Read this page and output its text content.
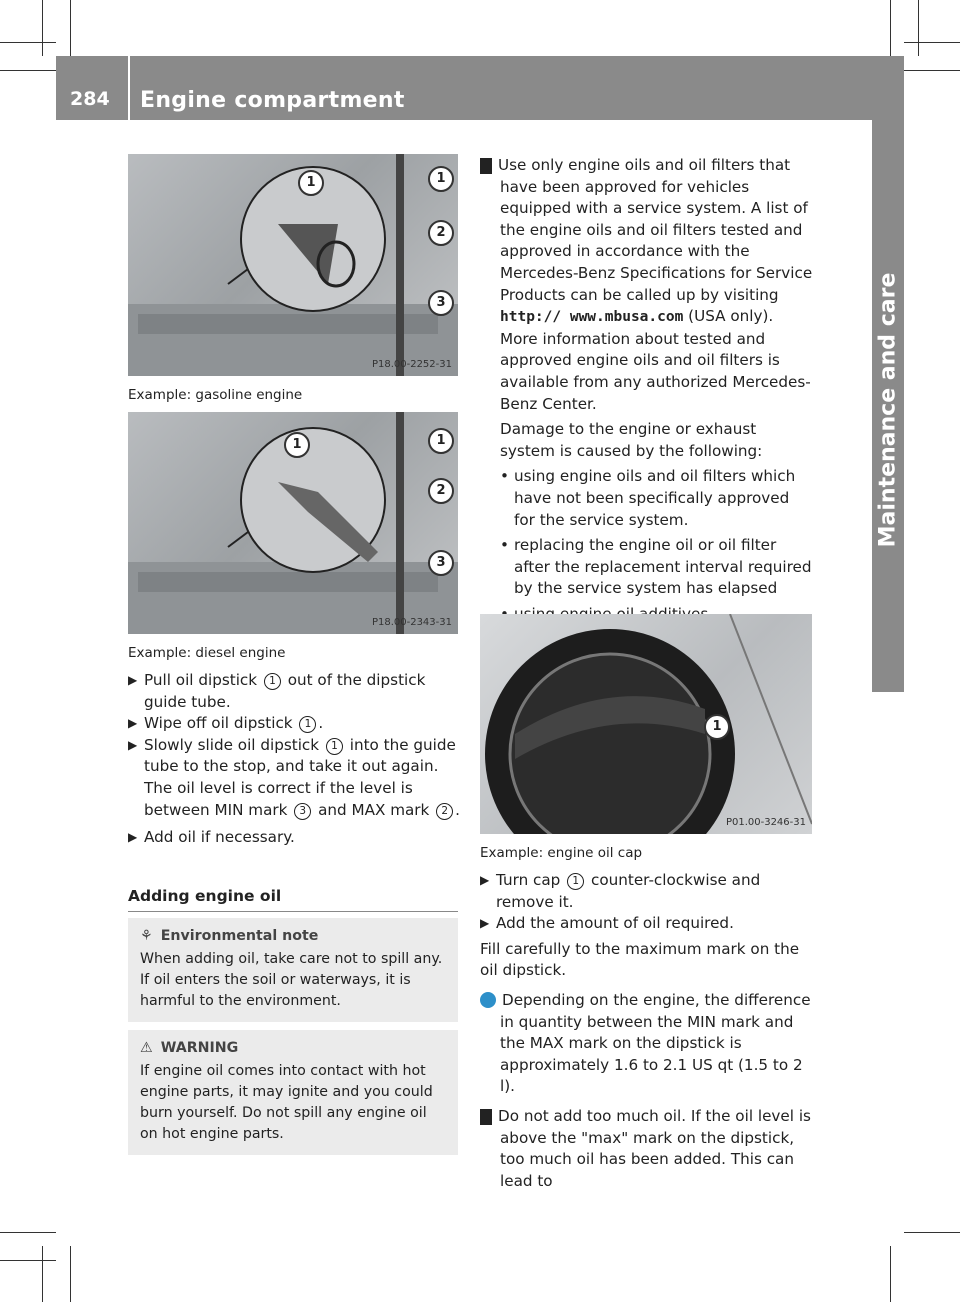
284 Engine compartment
Maintenance and care
1	1
2
3
P18.00-2252-31
Example: gasoline engine
1	1
2
3
P18.00-2343-31
Example: diesel engine

▶ Pull oil dipstick 1 out of the dipstick guide tube.

▶ Wipe off oil dipstick 1 .

▶ Slowly slide oil dipstick 1 into the guide tube to the stop, and take it out again.

The oil level is correct if the level is between MIN mark 3 and MAX mark 2 .

▶ Add oil if necessary.

Adding engine oil
⚘ Environmental note
When adding oil, take care not to spill any. If oil enters the soil or waterways, it is harmful to the environment.
⚠ WARNING
If engine oil comes into contact with hot engine parts, it may ignite and you could burn yourself. Do not spill any engine oil on hot engine parts.

! Use only engine oils and oil filters that have been approved for vehicles equipped with a service system. A list of the engine oils and oil filters tested and approved in accordance with the Mercedes-Benz Specifications for Service Products can be called up by visiting http:// www.mbusa.com (USA only). More information about tested and approved engine oils and oil filters is available from any authorized Mercedes-Benz Center.

Damage to the engine or exhaust system is caused by the following:

• using engine oils and oil filters which have not been specifically approved for the service system.

• replacing the engine oil or oil filter after the replacement interval required by the service system has elapsed

1
P01.00-3246-31
Example: engine oil cap

▶ Turn cap 1 counter-clockwise and remove it.

▶ Add the amount of oil required.

Fill carefully to the maximum mark on the oil dipstick.

i Depending on the engine, the difference in quantity between the MIN mark and the MAX mark on the dipstick is approximately 1.6 to 2.1 US qt (1.5 to 2 l).

! Do not add too much oil. If the oil level is above the "max" mark on the dipstick, too much oil has been added. This can lead to
